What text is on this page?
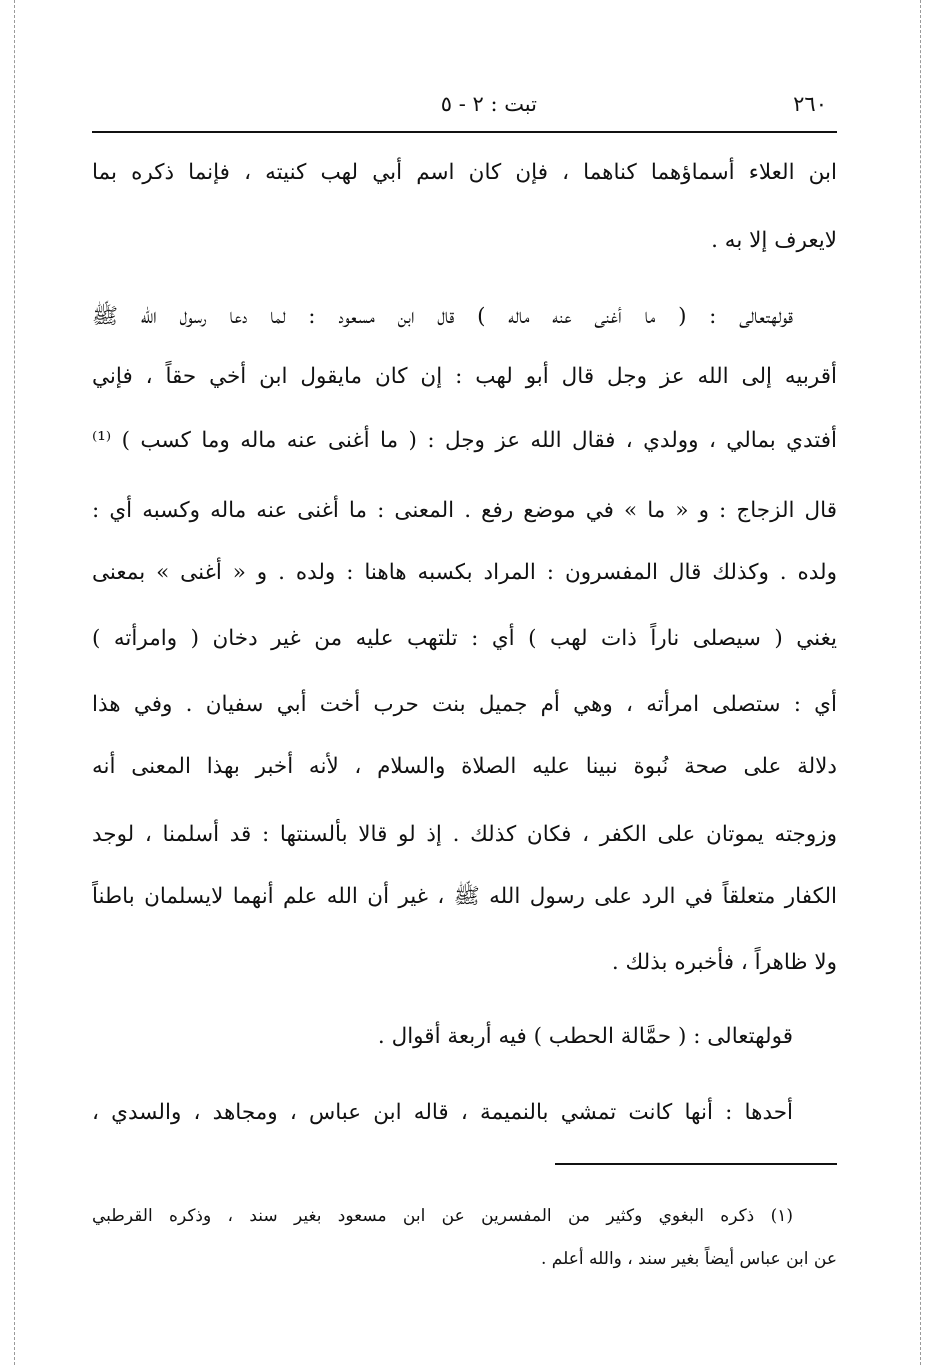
٢٦٠
تبت : ٢ - ٥
ابن العلاء أسماؤهما كناهما ، فإن كان اسم أبي لهب كنيته ، فإنما ذكره بما
لايعرف إلا به .
قولهتعالى : ( ما أغنى عنه ماله ) قال ابن مسعود : لما دعا رسول الله ﷺ
أقربيه إلى الله عز وجل قال أبو لهب : إن كان مايقول ابن أخي حقاً ، فإني
أفتدي بمالي ، وولدي ، فقال الله عز وجل : ( ما أغنى عنه ماله وما كسب ) ⁽¹⁾
قال الزجاج : و « ما » في موضع رفع . المعنى : ما أغنى عنه ماله وكسبه أي :
ولده . وكذلك قال المفسرون : المراد بكسبه هاهنا : ولده . و « أغنى » بمعنى
يغني ( سيصلى ناراً ذات لهب ) أي : تلتهب عليه من غير دخان ( وامرأته )
أي : ستصلى امرأته ، وهي أم جميل بنت حرب أخت أبي سفيان . وفي هذا
دلالة على صحة نُبوة نبينا عليه الصلاة والسلام ، لأنه أخبر بهذا المعنى أنه
وزوجته يموتان على الكفر ، فكان كذلك . إذ لو قالا بألسنتها : قد أسلمنا ، لوجد
الكفار متعلقاً في الرد على رسول الله ﷺ ، غير أن الله علم أنهما لايسلمان باطناً
ولا ظاهراً ، فأخبره بذلك .
قولهتعالى : ( حمَّالة الحطب ) فيه أربعة أقوال .
أحدها : أنها كانت تمشي بالنميمة ، قاله ابن عباس ، ومجاهد ، والسدي ،
(١) ذكره البغوي وكثير من المفسرين عن ابن مسعود بغير سند ، وذكره القرطبي
عن ابن عباس أيضاً بغير سند ، والله أعلم .
